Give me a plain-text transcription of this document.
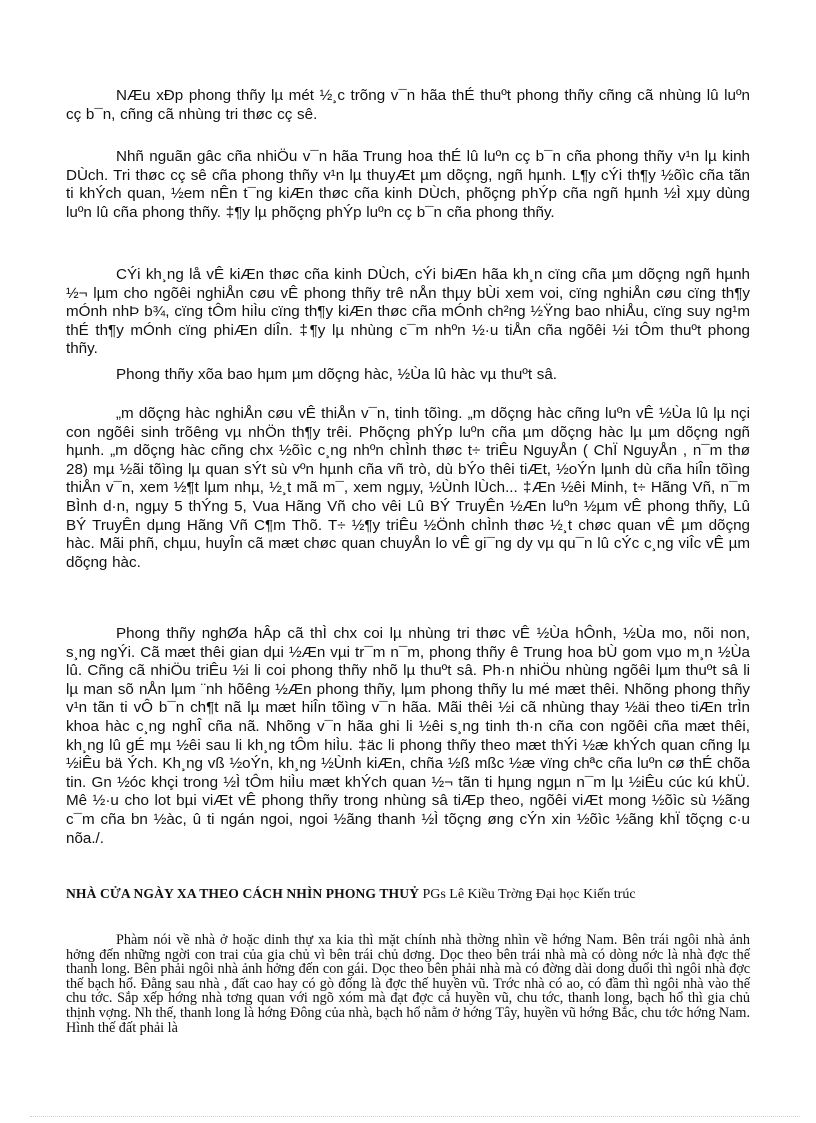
NÆu xÐp phong thñy lµ mét ½¸c trõng v¯n hãa thÉ thuºt phong thñy cñng cã nhùng lû luºn cç b¯n, cñng cã nhùng tri thøc cç sê.

Nhñ nguãn gâc cña nhiÖu v¯n hãa Trung hoa thÉ lû luºn cç b¯n cña phong thñy v¹n lµ kinh DÙch. Tri thøc cç sê cña phong thñy v¹n lµ thuyÆt µm dõçng, ngñ hµnh. L¶y cÝi th¶y ½õìc cña tãn ti khÝch quan, ½em nÊn t¯ng kiÆn thøc cña kinh DÙch, phõçng phÝp cña ngñ hµnh ½Ì xµy dùng luºn lû cña phong thñy. ‡¶y lµ phõçng phÝp luºn cç b¯n cña phong thñy.

CÝi kh¸ng lå vÊ kiÆn thøc cña kinh DÙch, cÝi biÆn hãa kh¸n cïng cña µm dõçng ngñ hµnh ½¬ lµm cho ngõêi nghiÅn cøu vÊ phong thñy trê nÅn thµy bÙi xem voi, cïng nghiÅn cøu cïng th¶y mÓnh nhÞ b¾, cïng tÔm hiÌu cïng th¶y kiÆn thøc cña mÓnh ch²ng ½Ÿng bao nhiÅu, cïng suy ng¹m thÉ th¶y mÓnh cïng phiÆn diÎn. ‡¶y lµ nhùng c¯m nhºn ½·u tiÅn cña ngõêi ½i tÔm thuºt phong thñy.

Phong thñy xõa bao hµm µm dõçng hàc, ½Ùa lû hàc vµ thuºt sâ.

„m dõçng hàc nghiÅn cøu vÊ thiÅn v¯n, tinh tõìng. „m dõçng hàc cñng luºn vÊ ½Ùa lû lµ nçi con ngõêi sinh trõêng vµ nhÖn th¶y trêi. Phõçng phÝp luºn cña µm dõçng hàc lµ µm dõçng ngñ hµnh. „m dõçng hàc cñng chx ½õìc c¸ng nhºn chÌnh thøc t÷ triÊu NguyÅn ( ChÏ NguyÅn , n¯m thø 28) mµ ½ãi tõìng lµ quan sÝt sù vºn hµnh cña vñ trò, dù bÝo thêi tiÆt, ½oÝn lµnh dù cña hiÎn tõìng thiÅn v¯n, xem ½¶t lµm nhµ, ½¸t mã m¯, xem ngµy, ½Ùnh lÙch... ‡Æn ½êi Minh, t÷ Hãng Vñ, n¯m BÌnh d·n, ngµy 5 thÝng 5, Vua Hãng Vñ cho vêi Lû BÝ TruyÊn ½Æn luºn ½µm vÊ phong thñy, Lû BÝ TruyÊn dµng Hãng Vñ C¶m Thõ. T÷ ½¶y triÊu ½Önh chÌnh thøc ½¸t chøc quan vÊ µm dõçng hàc. Mãi phñ, chµu, huyÎn cã mæt chøc quan chuyÅn lo vÊ gi¯ng dy vµ qu¯n lû cÝc c¸ng viÎc vÊ µm dõçng hàc.

Phong thñy nghØa hÂp cã thÌ chx coi lµ nhùng tri thøc vÊ ½Ùa hÔnh, ½Ùa mo, nõi non, s¸ng ngÝi. Cã mæt thêi gian dµi ½Æn vµi tr¯m n¯m, phong thñy ê Trung hoa bÙ gom vµo m¸n ½Ùa lû. Cñng cã nhiÖu triÊu ½i li coi phong thñy nhõ lµ thuºt sâ. Ph·n nhiÖu nhùng ngõêi lµm thuºt sâ li lµ man sõ nÅn lµm ¨nh hõêng ½Æn phong thñy, lµm phong thñy lu mé mæt thêi. Nhõng phong thñy v¹n tãn ti vÔ b¯n ch¶t nã lµ mæt hiÎn tõìng v¯n hãa. Mãi thêi ½i cã nhùng thay ½äi theo tiÆn trÌn khoa hàc c¸ng nghÎ cña nã. Nhõng v¯n hãa ghi li ½êi s¸ng tinh th·n cña con ngõêi cña mæt thêi, kh¸ng lû gÉ mµ ½êi sau li kh¸ng tÔm hiÌu. ‡äc li phong thñy theo mæt thÝi ½æ khÝch quan cñng lµ ½iÊu bä Ých. Kh¸ng vß ½oÝn, kh¸ng ½Ùnh kiÆn, chña ½ß mßc ½æ vïng chªc cña luºn cø thÉ chõa tin. Gn ½óc khçi trong ½Ì tÔm hiÌu mæt khÝch quan ½¬ tãn ti hµng ngµn n¯m lµ ½iÊu cúc kú khÜ. Mê ½·u cho lot bµi viÆt vÊ phong thñy trong nhùng sâ tiÆp theo, ngõêi viÆt mong ½õìc sù ½ãng c¯m cña bn ½àc, û ti ngán ngoi, ngoi ½ãng thanh ½Ì tõçng øng cÝn xin ½õìc ½ãng khÏ tõçng c·u nõa./.

NHÀ CỬA NGÀY XA THEO CÁCH NHÌN PHONG THUỶ PGs Lê Kiều Trờng Đại học Kiến trúc

Phàm nói về nhà ở hoặc dinh thự xa kia thì mặt chính nhà thờng nhìn về hớng Nam. Bên trái ngôi nhà ảnh hởng đến những ngời con trai của gia chủ vì bên trái chủ dơng. Dọc theo bên trái nhà mà có dòng nớc là nhà đợc thế thanh long. Bên phải ngôi nhà ảnh hởng đến con gái. Dọc theo bên phải nhà mà có đờng dài dong duổi thì ngôi nhà đợc thế bạch hổ. Đằng sau nhà , đất cao hay có gò đống là đợc thế huyền vũ. Trớc nhà có ao, có đầm thì ngôi nhà vào thế chu tớc. Sắp xếp hớng nhà tơng quan với ngõ xóm mà đạt đợc cả huyền vũ, chu tớc, thanh long, bạch hổ thì gia chủ thịnh vợng. Nh thế, thanh long là hớng Đông của nhà, bạch hổ nằm ở hớng Tây, huyền vũ hớng Bắc, chu tớc hớng Nam. Hình thế đất phải là
